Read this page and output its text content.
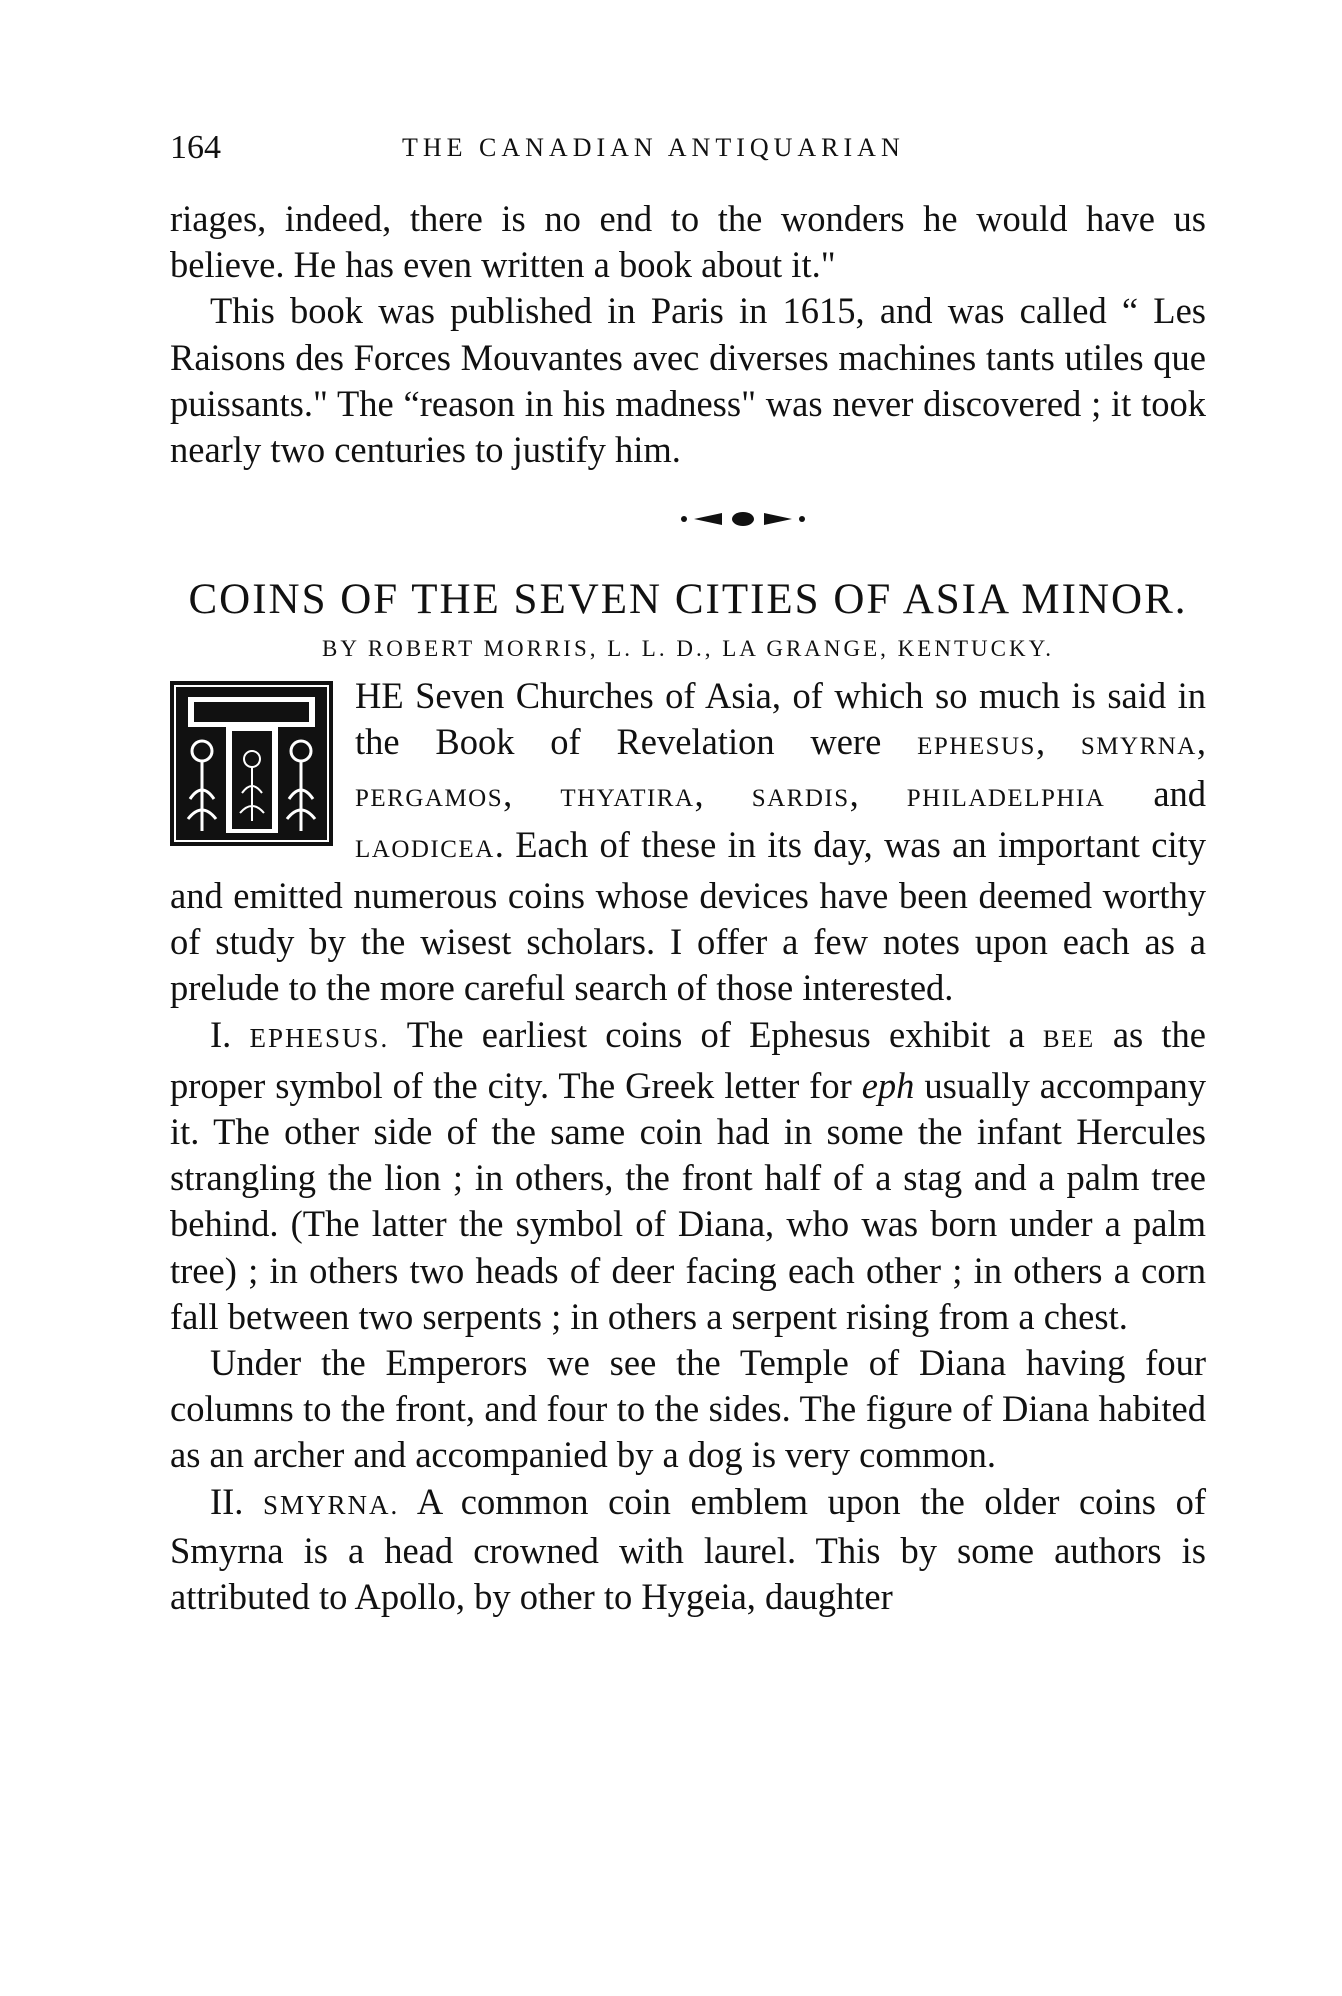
164	THE CANADIAN ANTIQUARIAN

riages, indeed, there is no end to the wonders he would have us believe. He has even written a book about it."

This book was published in Paris in 1615, and was called “ Les Raisons des Forces Mouvantes avec diverses machines tants utiles que puissants." The “reason in his madness" was never discovered ; it took nearly two centuries to justify him.

COINS OF THE SEVEN CITIES OF ASIA MINOR.
BY ROBERT MORRIS, L. L. D., LA GRANGE, KENTUCKY.

HE Seven Churches of Asia, of which so much is said in the Book of Revelation were EPHESUS, SMYRNA, PERGAMOS, THYATIRA, SARDIS, PHILADELPHIA and LAODICEA. Each of these in its day, was an important city and emitted numerous coins whose devices have been deemed worthy of study by the wisest scholars. I offer a few notes upon each as a prelude to the more careful search of those interested.

I. EPHESUS. The earliest coins of Ephesus exhibit a BEE as the proper symbol of the city. The Greek letter for eph usually accompany it. The other side of the same coin had in some the infant Hercules strangling the lion ; in others, the front half of a stag and a palm tree behind. (The latter the symbol of Diana, who was born under a palm tree) ; in others two heads of deer facing each other ; in others a corn fall between two serpents ; in others a serpent rising from a chest.

Under the Emperors we see the Temple of Diana having four columns to the front, and four to the sides. The figure of Diana habited as an archer and accompanied by a dog is very common.

II. SMYRNA. A common coin emblem upon the older coins of Smyrna is a head crowned with laurel. This by some authors is attributed to Apollo, by other to Hygeia, daughter
